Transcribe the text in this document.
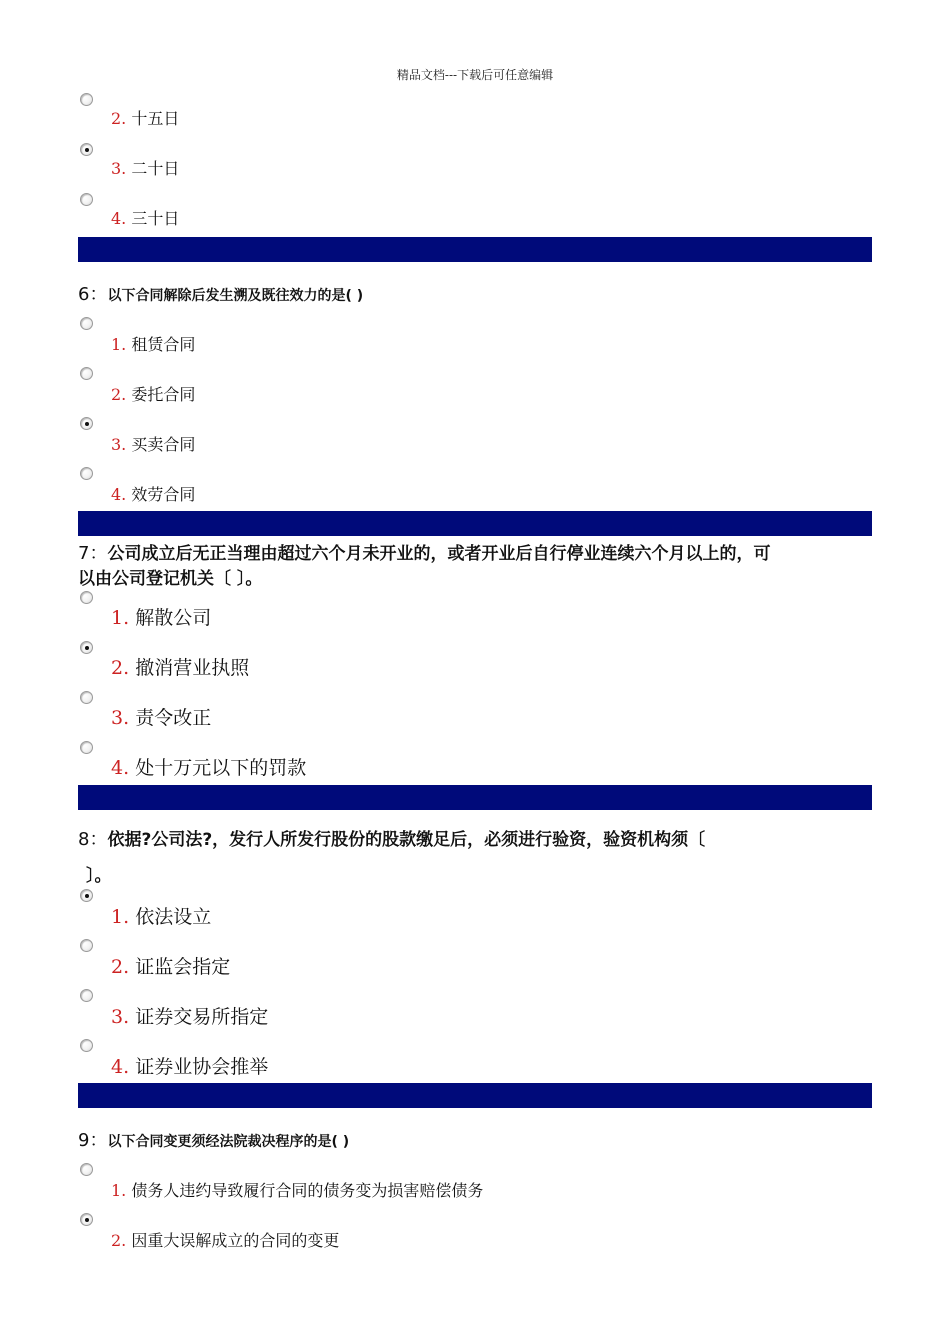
精品文档---下载后可任意编辑
2. 十五日
3. 二十日
4. 三十日
6：以下合同解除后发生溯及既往效力的是( )
1. 租赁合同
2. 委托合同
3. 买卖合同
4. 效劳合同
7：公司成立后无正当理由超过六个月未开业的，或者开业后自行停业连续六个月以上的，可
以由公司登记机关〔 〕。
1. 解散公司
2. 撤消营业执照
3. 责令改正
4. 处十万元以下的罚款
8：依据?公司法?，发行人所发行股份的股款缴足后，必须进行验资，验资机构须〔
〕。
1. 依法设立
2. 证监会指定
3. 证券交易所指定
4. 证券业协会推举
9：以下合同变更须经法院裁决程序的是( )
1. 债务人违约导致履行合同的债务变为损害赔偿债务
2. 因重大误解成立的合同的变更
